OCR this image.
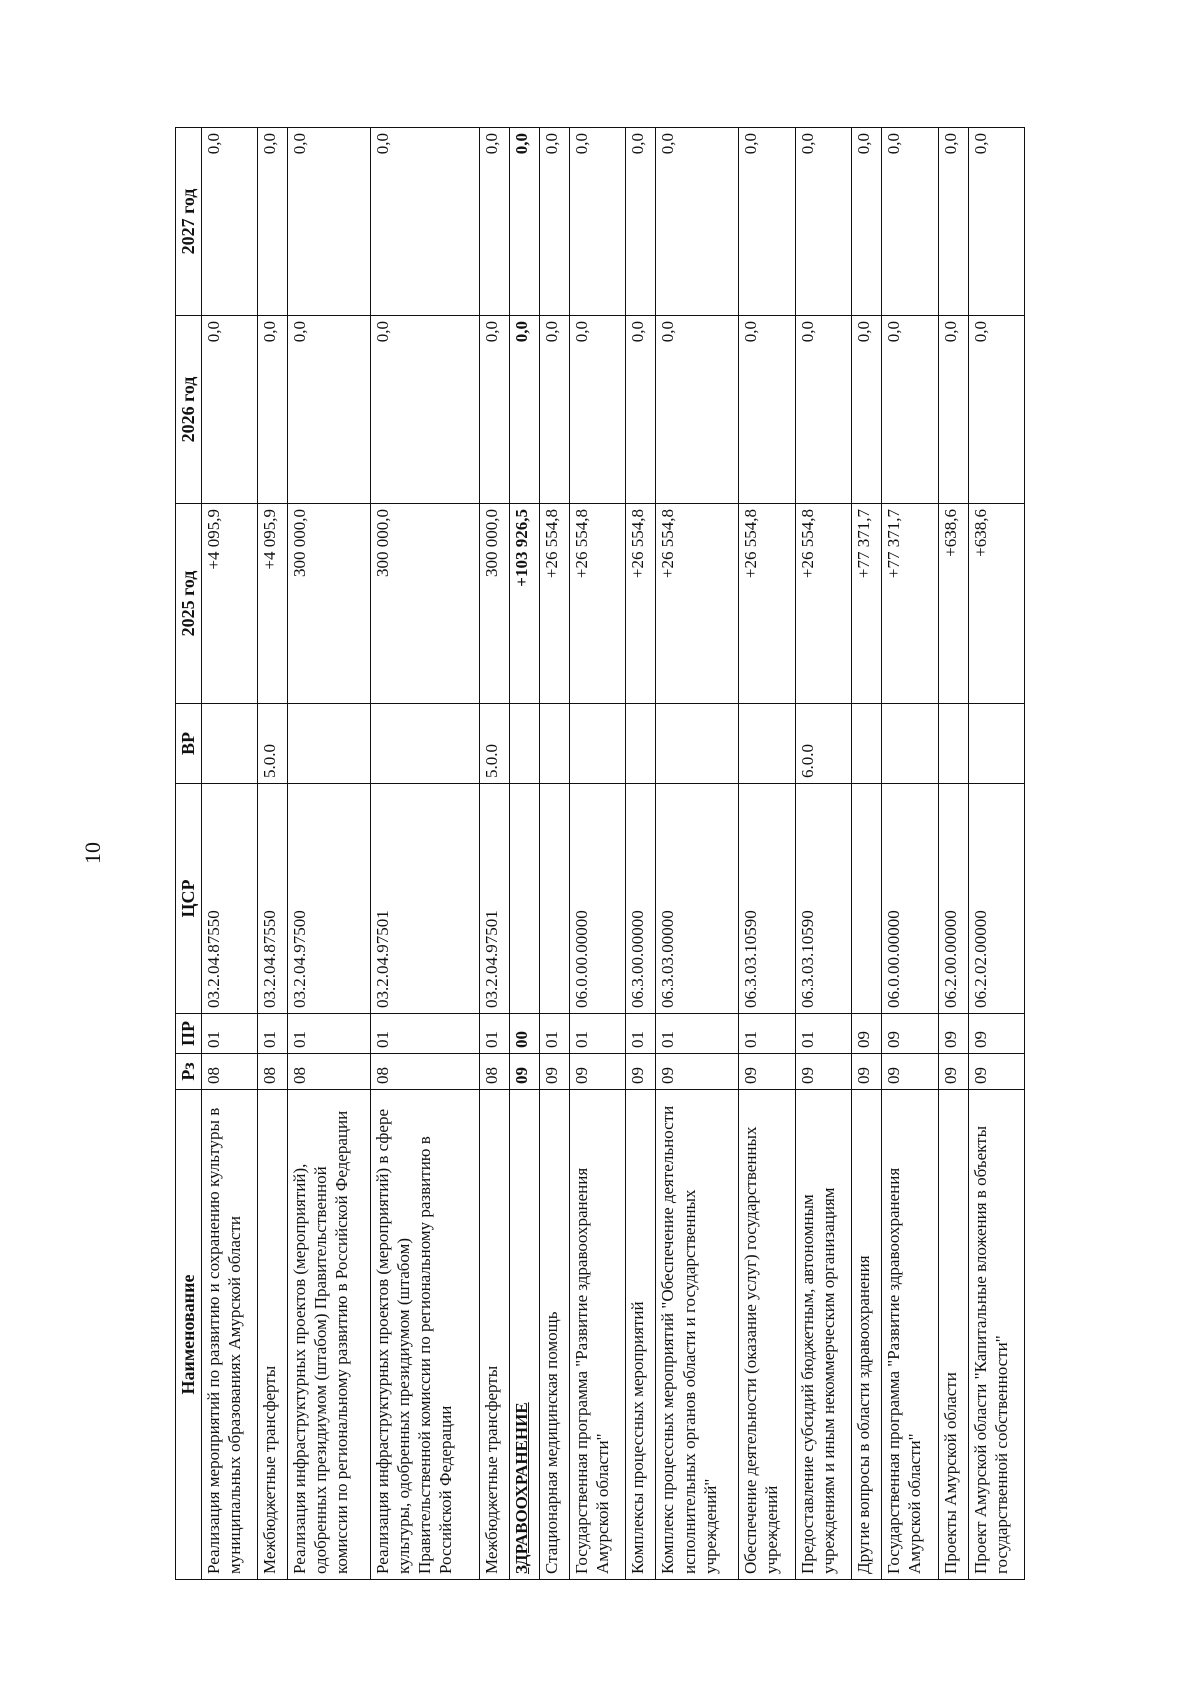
10
Наименование	Рз	ПР	ЦСР	ВР	2025 год	2026 год	2027 год
Реализация мероприятий по развитию и сохранению культуры в муниципальных образованиях Амурской области	08	01	03.2.04.87550		+4 095,9	0,0	0,0
Межбюджетные трансферты	08	01	03.2.04.87550	5.0.0	+4 095,9	0,0	0,0
Реализация инфраструктурных проектов (мероприятий), одобренных президиумом (штабом) Правительственной комиссии по региональному развитию в Российской Федерации	08	01	03.2.04.97500		300 000,0	0,0	0,0
Реализация инфраструктурных проектов (мероприятий) в сфере культуры, одобренных президиумом (штабом) Правительственной комиссии по региональному развитию в Российской Федерации	08	01	03.2.04.97501		300 000,0	0,0	0,0
Межбюджетные трансферты	08	01	03.2.04.97501	5.0.0	300 000,0	0,0	0,0
ЗДРАВООХРАНЕНИЕ	09	00			+103 926,5	0,0	0,0
Стационарная медицинская помощь	09	01			+26 554,8	0,0	0,0
Государственная программа "Развитие здравоохранения Амурской области"	09	01	06.0.00.00000		+26 554,8	0,0	0,0
Комплексы процессных мероприятий	09	01	06.3.00.00000		+26 554,8	0,0	0,0
Комплекс процессных мероприятий "Обеспечение деятельности исполнительных органов области и государственных учреждений"	09	01	06.3.03.00000		+26 554,8	0,0	0,0
Обеспечение деятельности (оказание услуг) государственных учреждений	09	01	06.3.03.10590		+26 554,8	0,0	0,0
Предоставление субсидий бюджетным, автономным учреждениям и иным некоммерческим организациям	09	01	06.3.03.10590	6.0.0	+26 554,8	0,0	0,0
Другие вопросы в области здравоохранения	09	09			+77 371,7	0,0	0,0
Государственная программа "Развитие здравоохранения Амурской области"	09	09	06.0.00.00000		+77 371,7	0,0	0,0
Проекты Амурской области	09	09	06.2.00.00000		+638,6	0,0	0,0
Проект Амурской области "Капитальные вложения в объекты государственной собственности"	09	09	06.2.02.00000		+638,6	0,0	0,0
